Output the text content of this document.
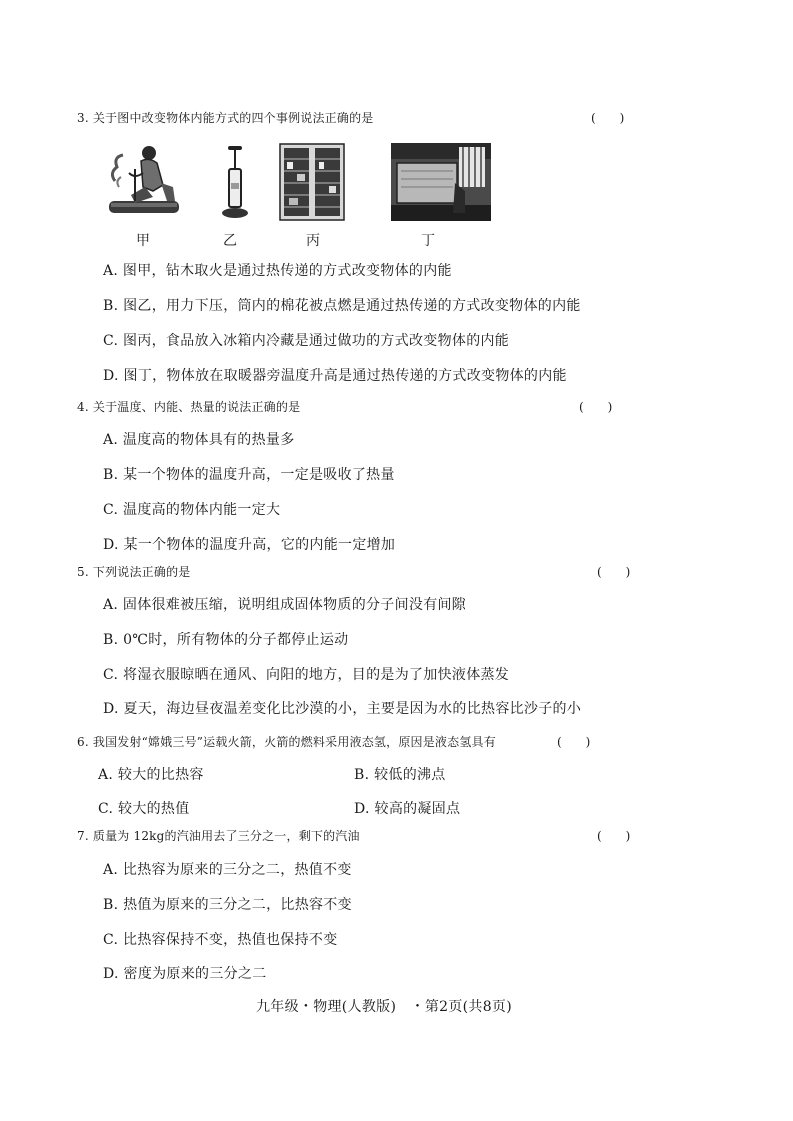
3. 关于图中改变物体内能方式的四个事例说法正确的是	(　　)
甲	乙	丙	丁
A. 图甲，钻木取火是通过热传递的方式改变物体的内能
B. 图乙，用力下压，筒内的棉花被点燃是通过热传递的方式改变物体的内能
C. 图丙，食品放入冰箱内冷藏是通过做功的方式改变物体的内能
D. 图丁，物体放在取暖器旁温度升高是通过热传递的方式改变物体的内能
4. 关于温度、内能、热量的说法正确的是	(　　)
A. 温度高的物体具有的热量多
B. 某一个物体的温度升高，一定是吸收了热量
C. 温度高的物体内能一定大
D. 某一个物体的温度升高，它的内能一定增加
5. 下列说法正确的是	(　　)
A. 固体很难被压缩，说明组成固体物质的分子间没有间隙
B. 0℃时，所有物体的分子都停止运动
C. 将湿衣服晾晒在通风、向阳的地方，目的是为了加快液体蒸发
D. 夏天，海边昼夜温差变化比沙漠的小，主要是因为水的比热容比沙子的小
6. 我国发射“嫦娥三号”运载火箭，火箭的燃料采用液态氢，原因是液态氢具有	(　　)
A. 较大的比热容	B. 较低的沸点
C. 较大的热值	D. 较高的凝固点
7. 质量为 12kg的汽油用去了三分之一，剩下的汽油	(　　)
A. 比热容为原来的三分之二，热值不变
B. 热值为原来的三分之二，比热容不变
C. 比热容保持不变，热值也保持不变
D. 密度为原来的三分之二
九年级・物理(人教版)　・第2页(共8页)
